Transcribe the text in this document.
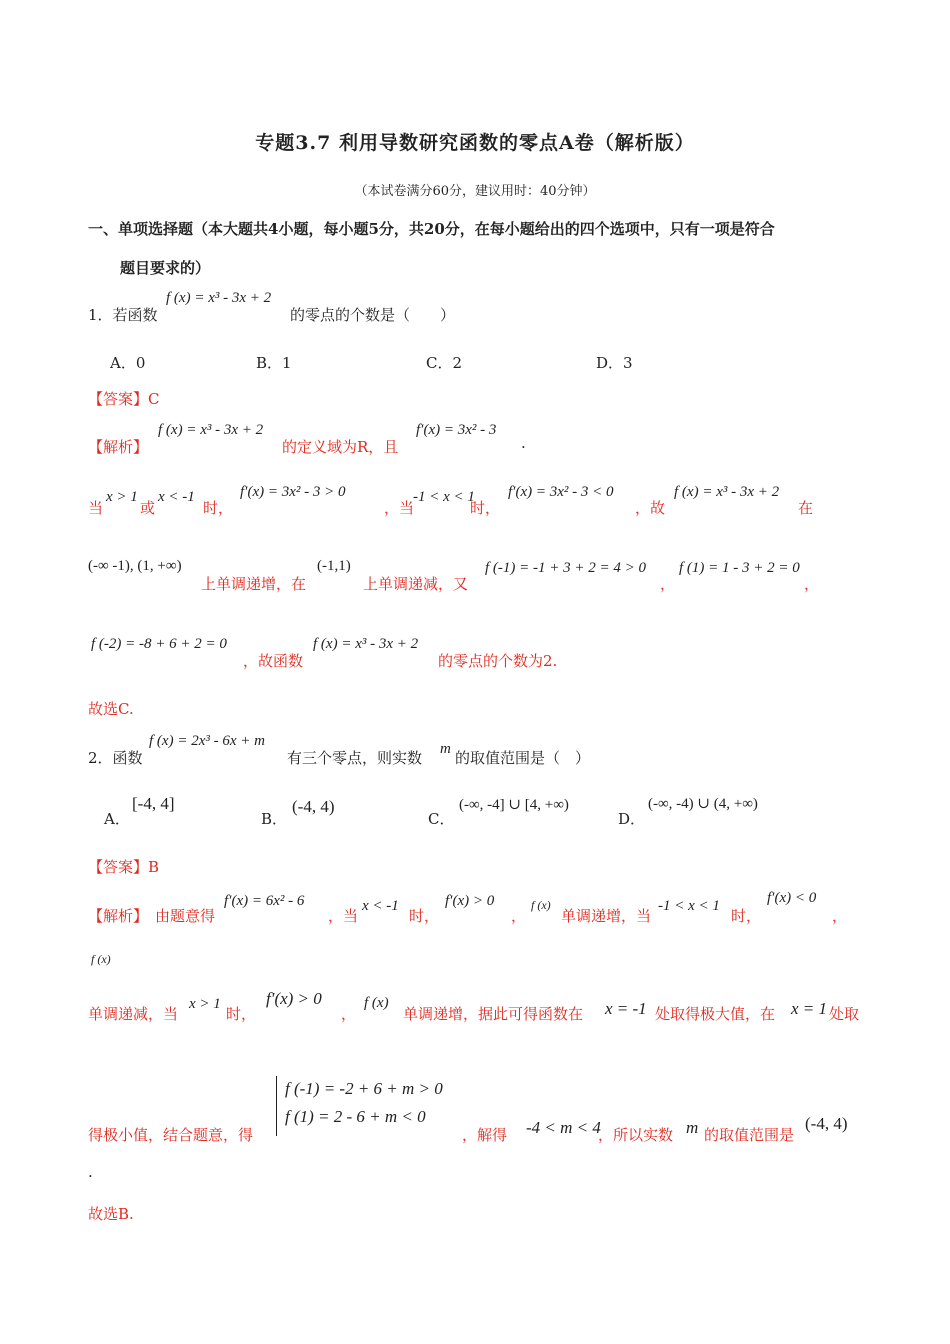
专题3.7 利用导数研究函数的零点A卷（解析版）
（本试卷满分60分，建议用时：40分钟）
一、单项选择题（本大题共4小题，每小题5分，共20分，在每小题给出的四个选项中，只有一项是符合
题目要求的）
1．若函数
f (x) = x³ - 3x + 2
的零点的个数是（　　）
A．0	B．1	C．2	D．3
【答案】C
【解析】
f (x) = x³ - 3x + 2
的定义域为R，且
f′(x) = 3x² - 3
.
当
x > 1
或
x < -1
时，
f′(x) = 3x² - 3 > 0
，当
-1 < x < 1
时，
f′(x) = 3x² - 3 < 0
，故
f (x) = x³ - 3x + 2
在
(-∞ -1), (1, +∞)
上单调递增，在
(-1,1)
上单调递减，又
f (-1) = -1 + 3 + 2 = 4 > 0
，
f (1) = 1 - 3 + 2 = 0
，
f (-2) = -8 + 6 + 2 = 0
，故函数
f (x) = x³ - 3x + 2
的零点的个数为2.
故选C.
2．函数
f (x) = 2x³ - 6x + m
有三个零点，则实数 m 的取值范围是（　）
A．
[-4, 4]
B．
(-4, 4)
C．
(-∞, -4] ∪ [4, +∞)
D．
(-∞, -4) ∪ (4, +∞)
【答案】B
【解析】 由题意得
f′(x) = 6x² - 6
，当
x < -1
时，
f′(x) > 0
，
f (x)
单调递增，当
-1 < x < 1
时，
f′(x) < 0
，
f (x)
单调递减，当
x > 1
时，
f′(x) > 0
，
f (x)
单调递增，据此可得函数在 x = -1 处取得极大值，在 x = 1 处取
得极小值，结合题意，得
f (-1) = -2 + 6 + m > 0
f (1) = 2 - 6 + m < 0
，解得 -4 < m < 4
，所以实数 m 的取值范围是
(-4, 4)
.
故选B.
